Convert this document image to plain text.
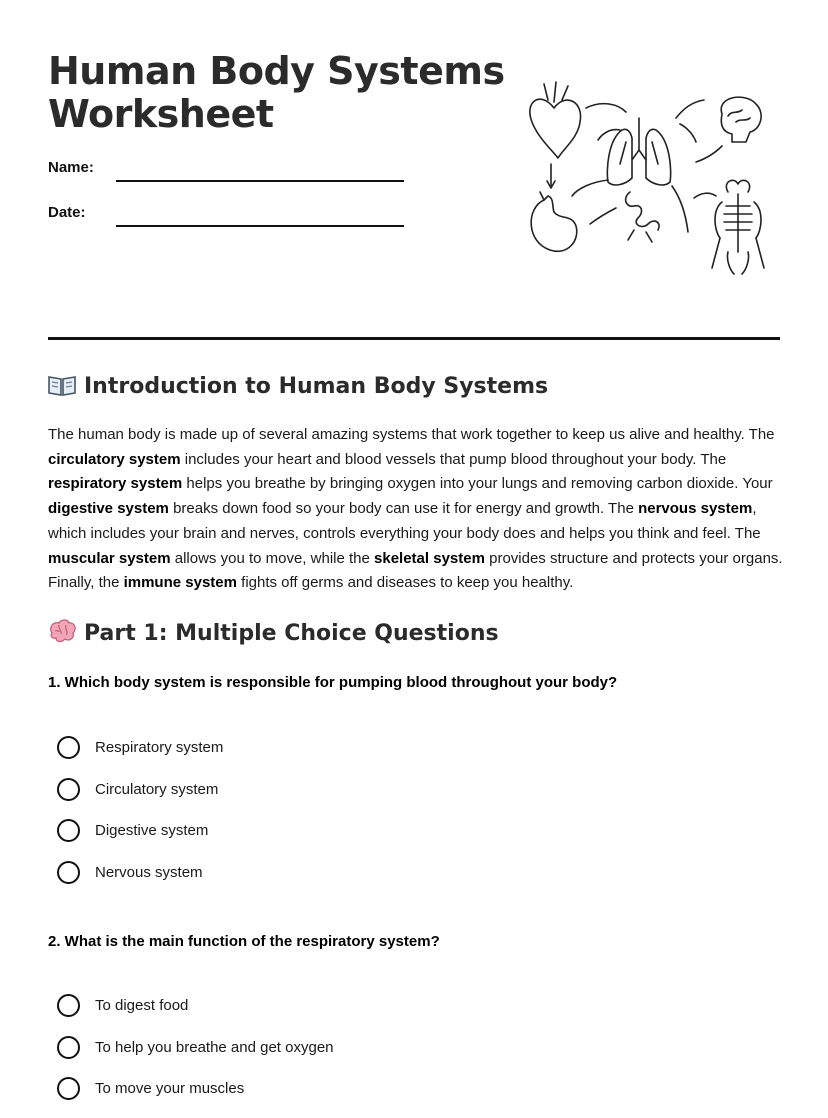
Human Body Systems
Worksheet
Name:
Date:
Introduction to Human Body Systems

The human body is made up of several amazing systems that work together to keep us alive and healthy. The circulatory system includes your heart and blood vessels that pump blood throughout your body. The respiratory system helps you breathe by bringing oxygen into your lungs and removing carbon dioxide. Your digestive system breaks down food so your body can use it for energy and growth. The nervous system, which includes your brain and nerves, controls everything your body does and helps you think and feel. The muscular system allows you to move, while the skeletal system provides structure and protects your organs. Finally, the immune system fights off germs and diseases to keep you healthy.

Part 1: Multiple Choice Questions

1. Which body system is responsible for pumping blood throughout your body?

Respiratory system
Circulatory system
Digestive system
Nervous system

2. What is the main function of the respiratory system?

To digest food
To help you breathe and get oxygen
To move your muscles
